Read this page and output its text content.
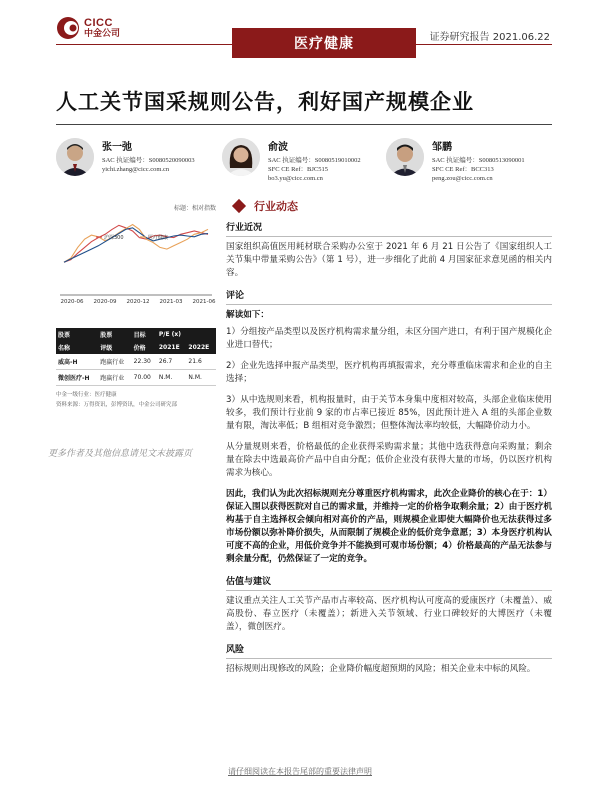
CICC
中金公司
医疗健康	证券研究报告 2021.06.22
人工关节国采规则公告，利好国产规模企业
张一弛
SAC 执证编号：S0080520090003
yichi.zhang@cicc.com.cn
俞波
SAC 执证编号：S0080519010002
SFC CE Ref：BJC515
bo3.yu@cicc.com.cn
邹鹏
SAC 执证编号：S0080513090001
SFC CE Ref：BCC313
peng.zou@cicc.com.cn
标题：相对指数
2020-06 2020-09 2020-12 2021-03 2021-06
沪深300	医疗健康
股票	股票	目标	P/E (x)	
名称	评级	价格	2021E	2022E
威高-H	跑赢行业	22.30	26.7	21.6
微创医疗-H	跑赢行业	70.00	N.M.	N.M.
中金一级行业：医疗健康
资料来源：万得资讯，彭博资讯，中金公司研究部
更多作者及其他信息请见文末披露页
行业动态
行业近况
国家组织高值医用耗材联合采购办公室于 2021 年 6 月 21 日公告了《国家组织人工关节集中带量采购公告》（第 1 号），进一步细化了此前 4 月国家征求意见函的相关内容。
评论
解读如下：
1）分组按产品类型以及医疗机构需求量分组，未区分国产进口，有利于国产规模化企业进口替代；
2）企业先选择申报产品类型，医疗机构再填报需求，充分尊重临床需求和企业的自主选择；
3）从中选规则来看，机构报量时，由于关节本身集中度相对较高，头部企业临床使用较多，我们预计行业前 9 家的市占率已接近 85%，因此预计进入 A 组的头部企业数量有限，淘汰率低；B 组相对竞争激烈；但整体淘汰率均较低，大幅降价动力小。
从分量规则来看，价格最低的企业获得采购需求量；其他中选获得意向采购量；剩余量在除去中选最高价产品中自由分配；低价企业没有获得大量的市场，仍以医疗机构需求为核心。
因此，我们认为此次招标规则充分尊重医疗机构需求，此次企业降价的核心在于：1）保证入围以获得医院对自己的需求量，并维持一定的价格争取剩余量；2）由于医疗机构基于自主选择权会倾向相对高价的产品，则规模企业即使大幅降价也无法获得过多市场份额以弥补降价损失，从而限制了规模企业的低价竞争意愿；3）本身医疗机构认可度不高的企业，用低价竞争并不能换到可观市场份额；4）价格最高的产品无法参与剩余量分配，仍然保证了一定的竞争。
估值与建议
建议重点关注人工关节产品市占率较高、医疗机构认可度高的爱康医疗（未覆盖）、威高股份、春立医疗（未覆盖）；新进入关节领域、行业口碑较好的大博医疗（未覆盖），微创医疗。
风险
招标规则出现修改的风险；企业降价幅度超预期的风险；相关企业未中标的风险。
请仔细阅读在本报告尾部的重要法律声明
